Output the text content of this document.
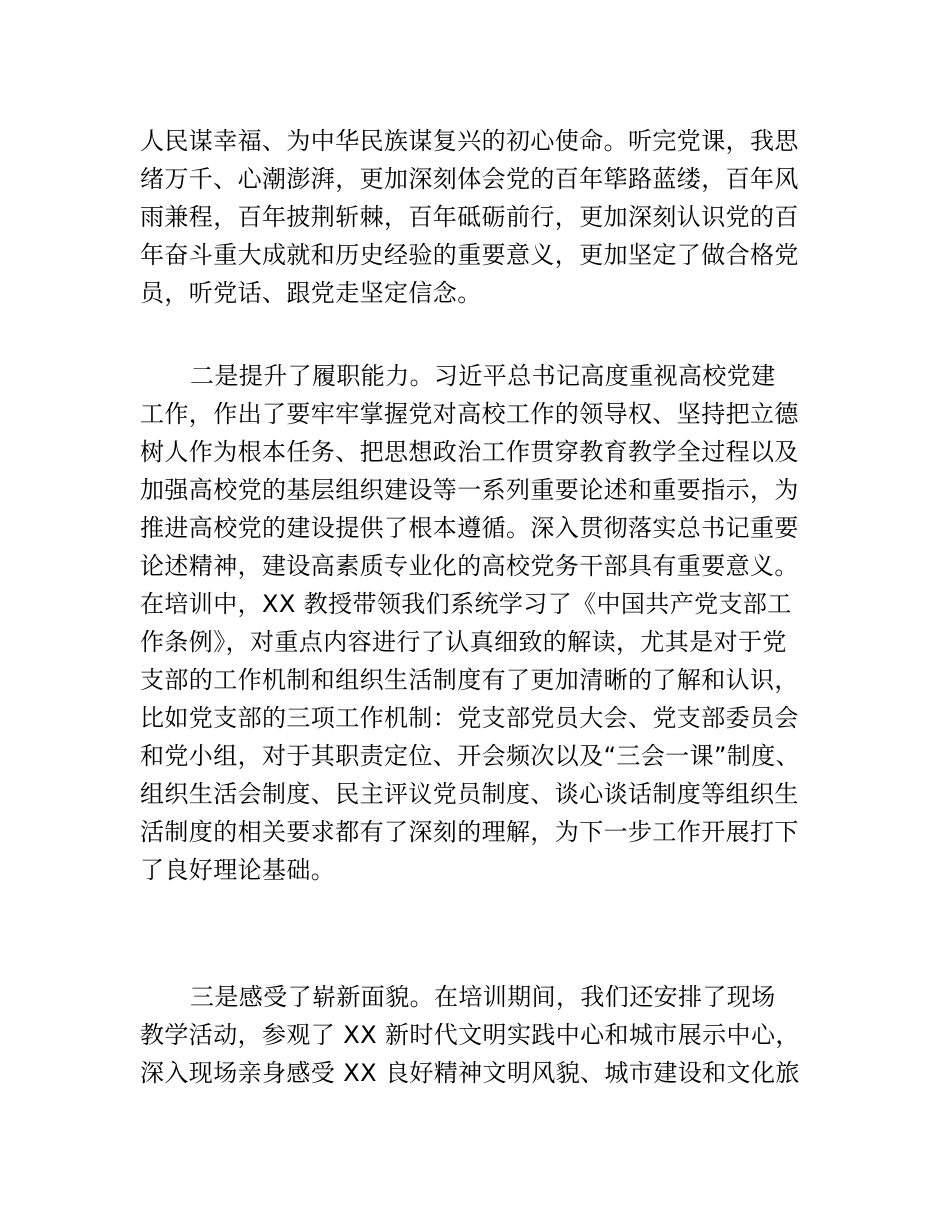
人民谋幸福、为中华民族谋复兴的初心使命。听完党课，我思
绪万千、心潮澎湃，更加深刻体会党的百年筚路蓝缕，百年风
雨兼程，百年披荆斩棘，百年砥砺前行，更加深刻认识党的百
年奋斗重大成就和历史经验的重要意义，更加坚定了做合格党
员，听党话、跟党走坚定信念。
二是提升了履职能力。习近平总书记高度重视高校党建
工作，作出了要牢牢掌握党对高校工作的领导权、坚持把立德
树人作为根本任务、把思想政治工作贯穿教育教学全过程以及
加强高校党的基层组织建设等一系列重要论述和重要指示，为
推进高校党的建设提供了根本遵循。深入贯彻落实总书记重要
论述精神，建设高素质专业化的高校党务干部具有重要意义。
在培训中，XX 教授带领我们系统学习了《中国共产党支部工
作条例》，对重点内容进行了认真细致的解读，尤其是对于党
支部的工作机制和组织生活制度有了更加清晰的了解和认识，
比如党支部的三项工作机制：党支部党员大会、党支部委员会
和党小组，对于其职责定位、开会频次以及“三会一课”制度、
组织生活会制度、民主评议党员制度、谈心谈话制度等组织生
活制度的相关要求都有了深刻的理解，为下一步工作开展打下
了良好理论基础。
三是感受了崭新面貌。在培训期间，我们还安排了现场
教学活动，参观了 XX 新时代文明实践中心和城市展示中心，
深入现场亲身感受 XX 良好精神文明风貌、城市建设和文化旅
